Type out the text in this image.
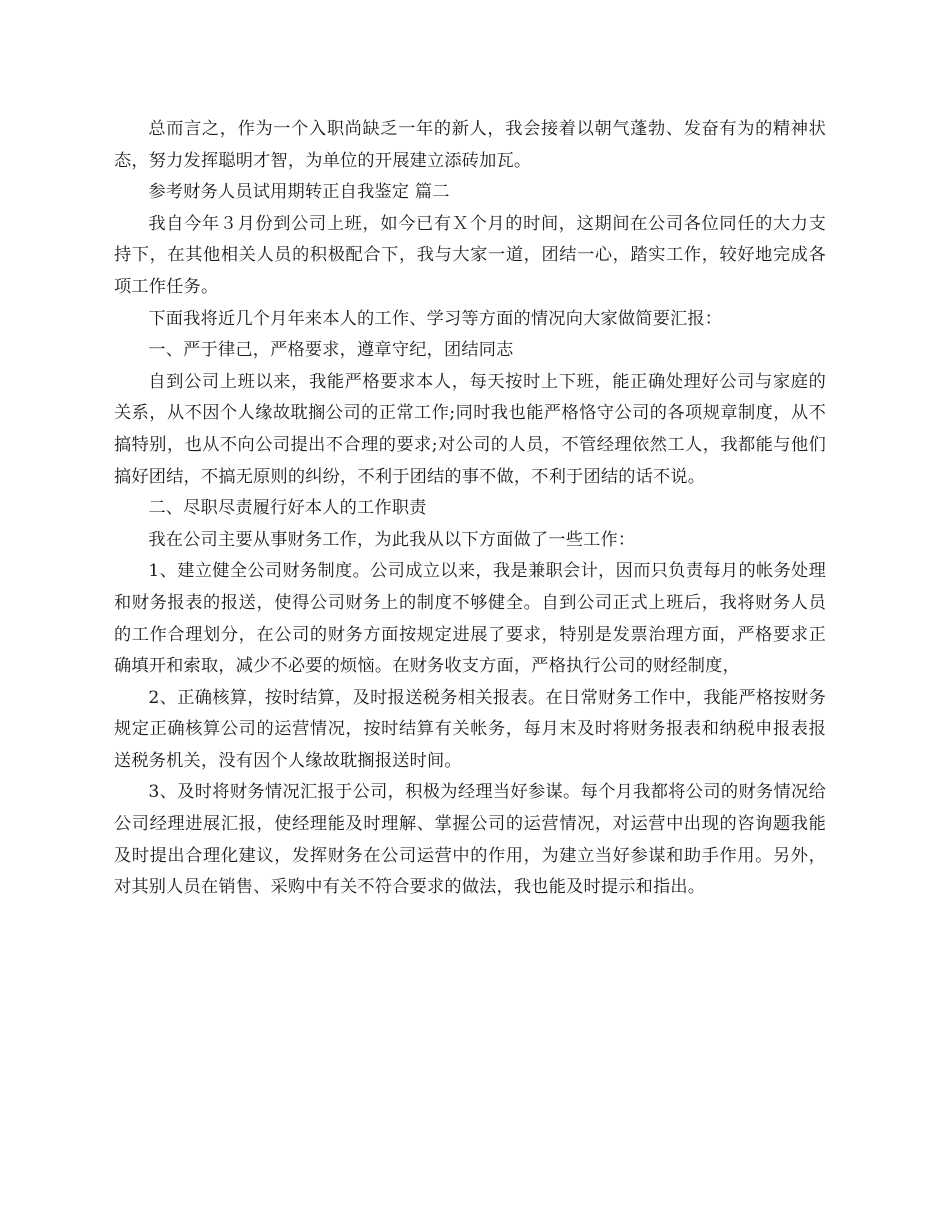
总而言之，作为一个入职尚缺乏一年的新人，我会接着以朝气蓬勃、发奋有为的精神状态，努力发挥聪明才智，为单位的开展建立添砖加瓦。

参考财务人员试用期转正自我鉴定 篇二

我自今年３月份到公司上班，如今已有Ｘ个月的时间，这期间在公司各位同任的大力支持下，在其他相关人员的积极配合下，我与大家一道，团结一心，踏实工作，较好地完成各项工作任务。

下面我将近几个月年来本人的工作、学习等方面的情况向大家做简要汇报：

一、严于律己，严格要求，遵章守纪，团结同志

自到公司上班以来，我能严格要求本人，每天按时上下班，能正确处理好公司与家庭的关系，从不因个人缘故耽搁公司的正常工作;同时我也能严格恪守公司的各项规章制度，从不搞特别，也从不向公司提出不合理的要求;对公司的人员，不管经理依然工人，我都能与他们搞好团结，不搞无原则的纠纷，不利于团结的事不做，不利于团结的话不说。

二、尽职尽责履行好本人的工作职责

我在公司主要从事财务工作，为此我从以下方面做了一些工作：

1、建立健全公司财务制度。公司成立以来，我是兼职会计，因而只负责每月的帐务处理和财务报表的报送，使得公司财务上的制度不够健全。自到公司正式上班后，我将财务人员的工作合理划分，在公司的财务方面按规定进展了要求，特别是发票治理方面，严格要求正确填开和索取，减少不必要的烦恼。在财务收支方面，严格执行公司的财经制度，

2、正确核算，按时结算，及时报送税务相关报表。在日常财务工作中，我能严格按财务规定正确核算公司的运营情况，按时结算有关帐务，每月末及时将财务报表和纳税申报表报送税务机关，没有因个人缘故耽搁报送时间。

3、及时将财务情况汇报于公司，积极为经理当好参谋。每个月我都将公司的财务情况给公司经理进展汇报，使经理能及时理解、掌握公司的运营情况，对运营中出现的咨询题我能及时提出合理化建议，发挥财务在公司运营中的作用，为建立当好参谋和助手作用。另外，对其别人员在销售、采购中有关不符合要求的做法，我也能及时提示和指出。
